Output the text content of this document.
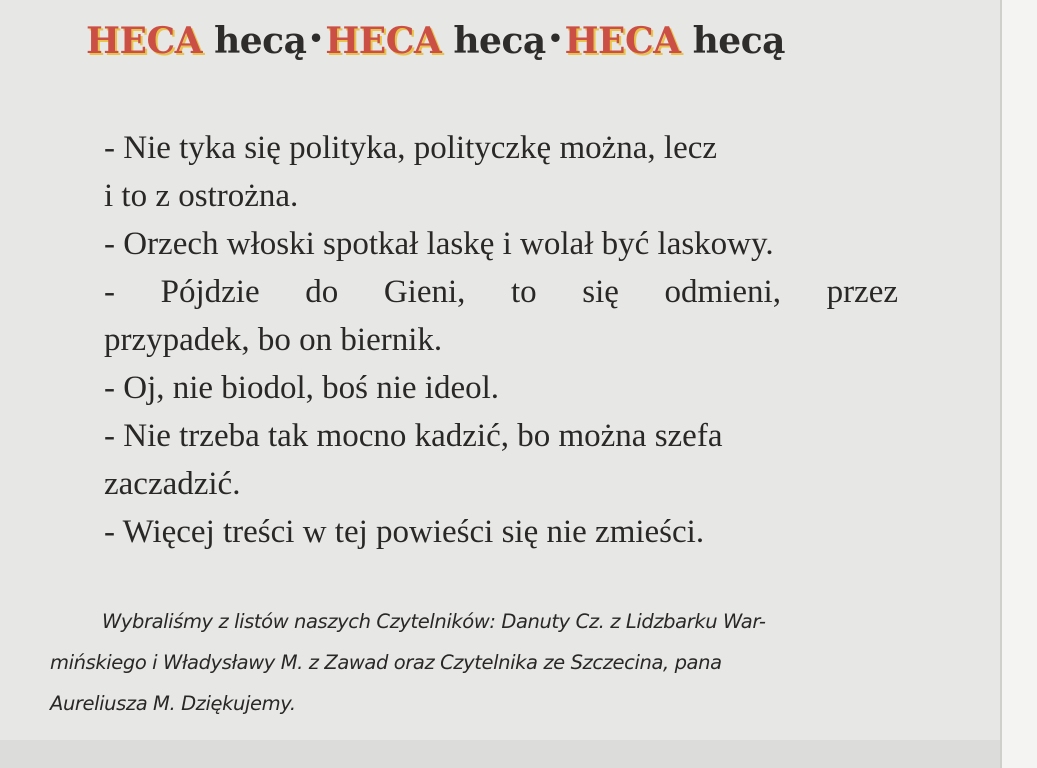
HECA hecą•HECA hecą•HECA hecą
- Nie tyka się polityka, polityczkę można, lecz
i to z ostrożna.
- Orzech włoski spotkał laskę i wolał być laskowy.
- Pójdzie do Gieni, to się odmieni, przez
przypadek, bo on biernik.
- Oj, nie biodol, boś nie ideol.
- Nie trzeba tak mocno kadzić, bo można szefa
zaczadzić.
- Więcej treści w tej powieści się nie zmieści.
Wybraliśmy z listów naszych Czytelników: Danuty Cz. z Lidzbarku War-
mińskiego i Władysławy M. z Zawad oraz Czytelnika ze Szczecina, pana
Aureliusza M. Dziękujemy.
